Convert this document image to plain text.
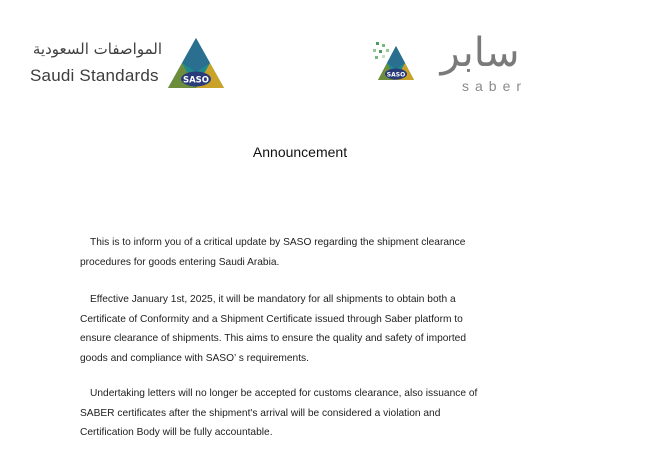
المواصفات السعودية
Saudi Standards	SASO
SASO سابر
saber
Announcement
This is to inform you of a critical update by SASO regarding the shipment clearance
procedures for goods entering Saudi Arabia.
Effective January 1st, 2025, it will be mandatory for all shipments to obtain both a
Certificate of Conformity and a Shipment Certificate issued through Saber platform to
ensure clearance of shipments. This aims to ensure the quality and safety of imported
goods and compliance with SASO’ s requirements.
Undertaking letters will no longer be accepted for customs clearance, also issuance of
SABER certificates after the shipment's arrival will be considered a violation and
Certification Body will be fully accountable.
